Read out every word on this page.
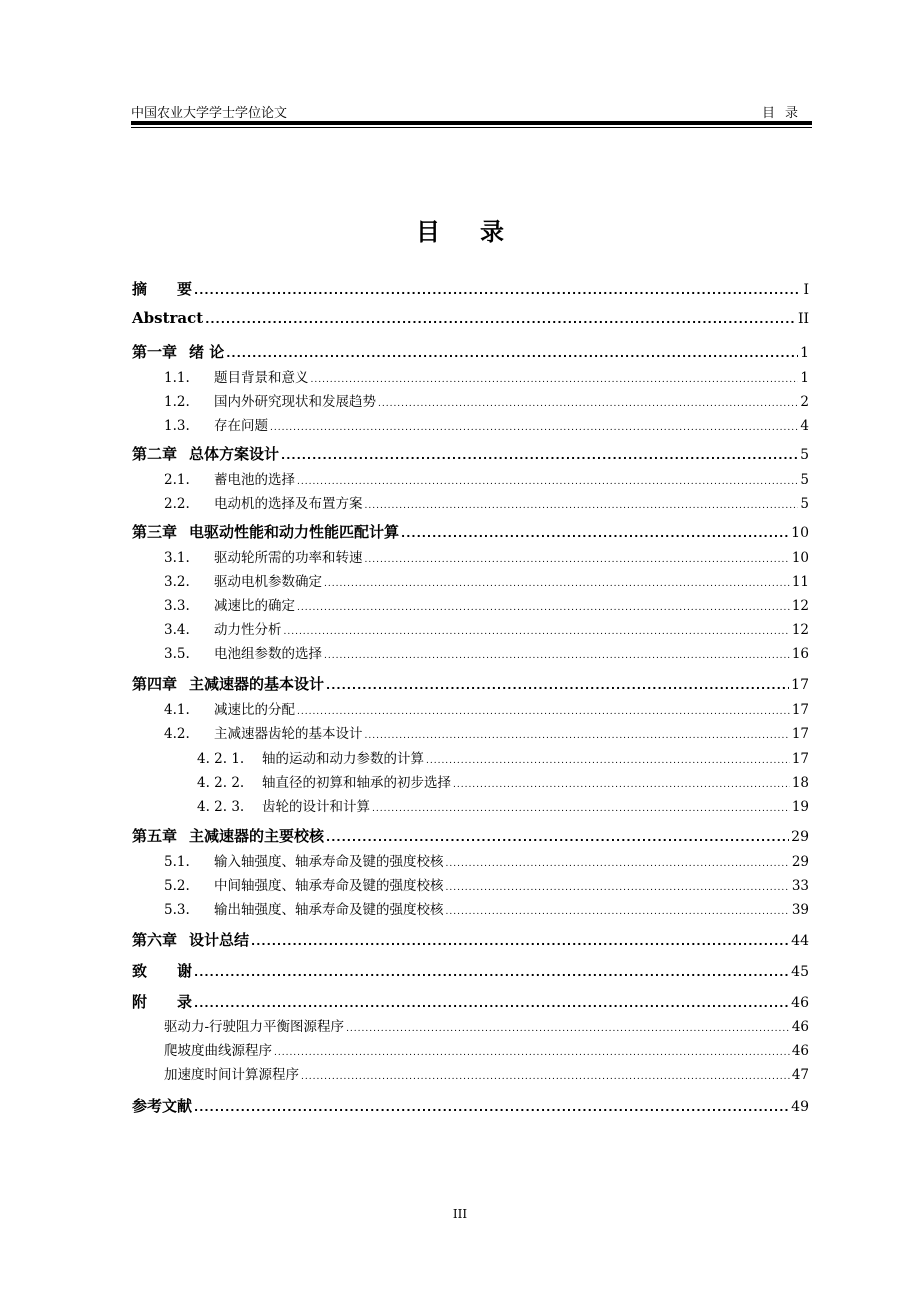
中国农业大学学士学位论文	目录
目录
摘　　要 .....	I
Abstract .....	II
第一章 绪 论 .....	1
1.1.	题目背景和意义 .....	1
1.2.	国内外研究现状和发展趋势 .....	2
1.3.	存在问题 .....	4
第二章 总体方案设计 .....	5
2.1.	蓄电池的选择 .....	5
2.2.	电动机的选择及布置方案 .....	5
第三章 电驱动性能和动力性能匹配计算 .....	10
3.1.	驱动轮所需的功率和转速 .....	10
3.2.	驱动电机参数确定 .....	11
3.3.	减速比的确定 .....	12
3.4.	动力性分析 .....	12
3.5.	电池组参数的选择 .....	16
第四章 主减速器的基本设计 .....	17
4.1.	减速比的分配 .....	17
4.2.	主减速器齿轮的基本设计 .....	17
4. 2. 1.	轴的运动和动力参数的计算 .....	17
4. 2. 2.	轴直径的初算和轴承的初步选择 .....	18
4. 2. 3.	齿轮的设计和计算 .....	19
第五章 主减速器的主要校核 .....	29
5.1.	输入轴强度、轴承寿命及键的强度校核 .....	29
5.2.	中间轴强度、轴承寿命及键的强度校核 .....	33
5.3.	输出轴强度、轴承寿命及键的强度校核 .....	39
第六章 设计总结 .....	44
致　　谢 .....	45
附　　录 .....	46
驱动力-行驶阻力平衡图源程序 .....	46
爬坡度曲线源程序 .....	46
加速度时间计算源程序 .....	47
参考文献 .....	49
III
